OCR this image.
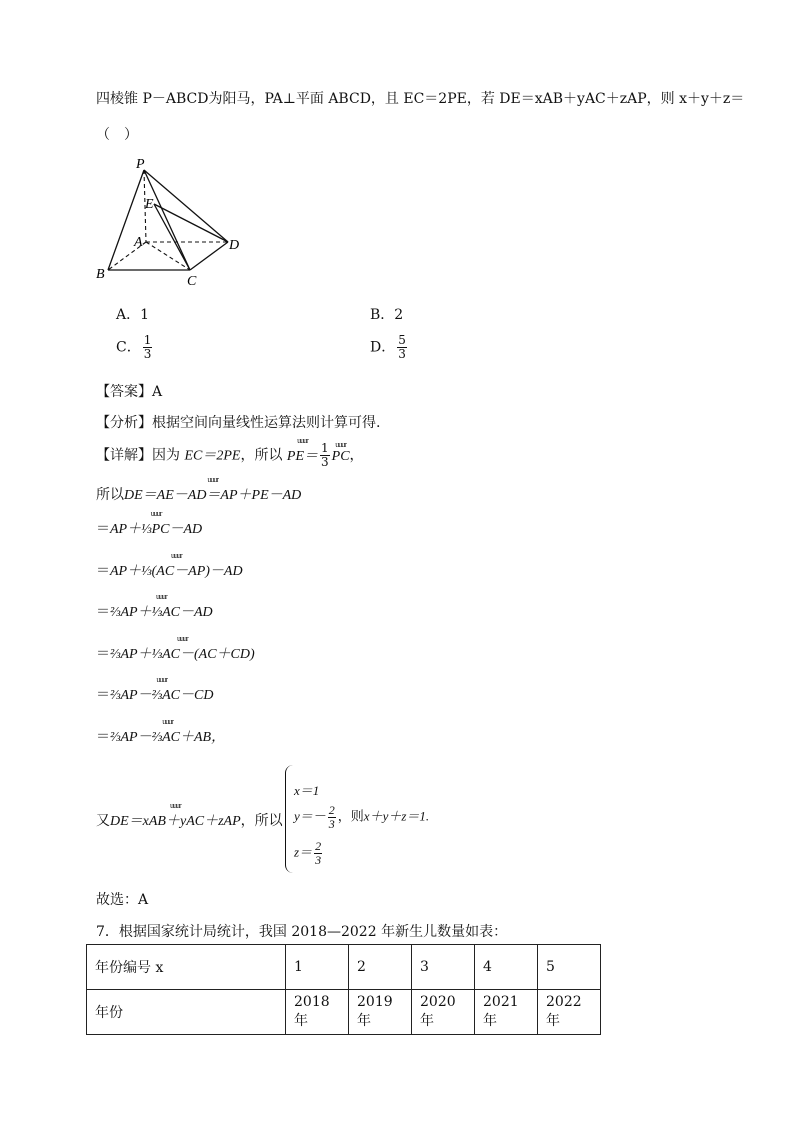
四棱锥 P－ABCD为阳马，PA⊥平面 ABCD，且 EC＝2PE，若 DE＝xAB＋yAC＋zAP，则 x＋y＋z＝
（　）
P
E
A	D
B	C
A．1	B．2
C． $\frac{1}{3}$	D． $\frac{5}{3}$
【答案】A
【分析】根据空间向量线性运算法则计算可得.
【详解】因为 EC＝2PE，所以 uuur $PE= \frac{1}{3}$ uuur PC，
所以uuur DE＝AE－AD＝AP＋PE－AD
＝uuur AP＋⅓PC－AD
＝uuur AP＋⅓(AC－AP)－AD
＝uuur ⅔AP＋⅓AC－AD
＝uuur ⅔AP＋⅓AC－(AC＋CD)
＝uuur ⅔AP－⅔AC－CD
＝uuur ⅔AP－⅔AC＋AB，
又uuur DE＝xAB＋yAC＋zAP，所以
x＝1
$y=- \frac{2}{3}$ ，则x＋y＋z＝1.
$z= \frac{2}{3}$
故选：A
7．根据国家统计局统计，我国 2018—2022 年新生儿数量如表：
年份编号 x	1	2	3	4	5
年份	2018 年	2019 年	2020 年	2021 年	2022 年
